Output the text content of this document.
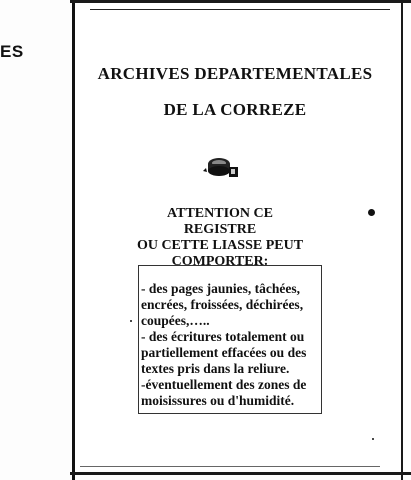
ES
ARCHIVES DEPARTEMENTALES
DE LA CORREZE
ATTENTION CE REGISTRE
OU CETTE LIASSE PEUT
COMPORTER:
- des pages jaunies, tâchées,
encrées, froissées, déchirées,
coupées,…..
- des écritures totalement ou
partiellement effacées ou des
textes pris dans la reliure.
-éventuellement des zones de
moisissures ou d'humidité.
